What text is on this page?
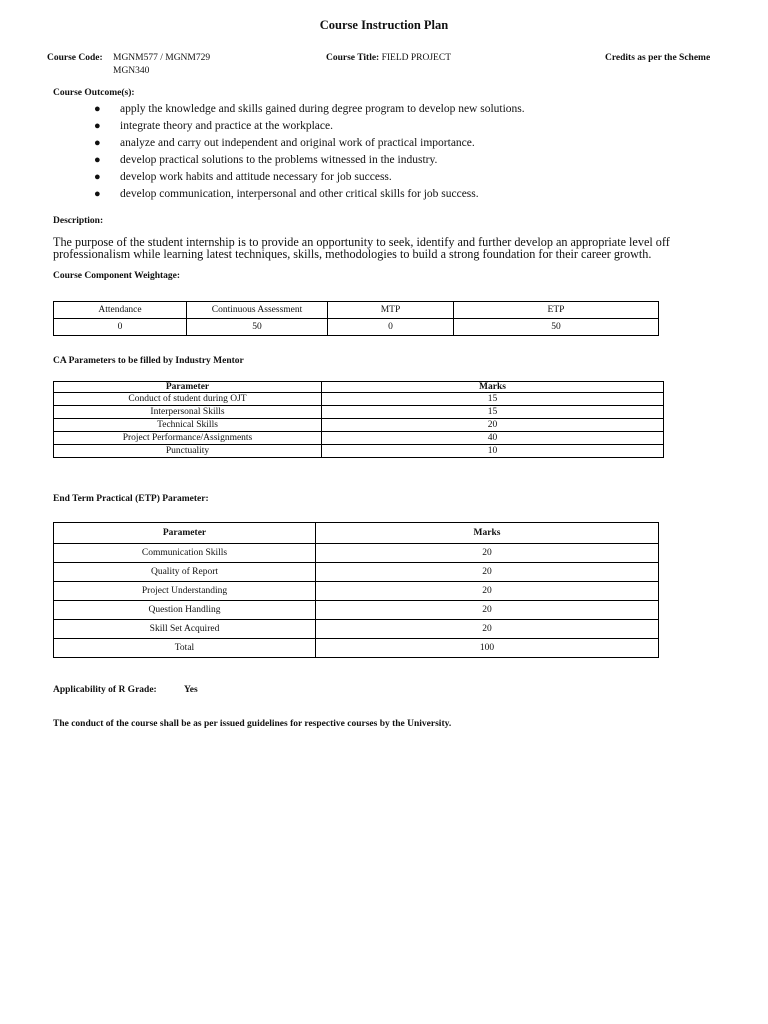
Course Instruction Plan
Course Code: MGNM577 / MGNM729
MGN340
Course Title: FIELD PROJECT	Credits as per the Scheme
Course Outcome(s):
● apply the knowledge and skills gained during degree program to develop new solutions.
● integrate theory and practice at the workplace.
● analyze and carry out independent and original work of practical importance.
● develop practical solutions to the problems witnessed in the industry.
● develop work habits and attitude necessary for job success.
● develop communication, interpersonal and other critical skills for job success.
Description:
The purpose of the student internship is to provide an opportunity to seek, identify and further develop an appropriate level off professionalism while learning latest techniques, skills, methodologies to build a strong foundation for their career growth.
Course Component Weightage:
Attendance	Continuous Assessment	MTP	ETP
0	50	0	50
CA Parameters to be filled by Industry Mentor
Parameter	Marks
Conduct of student during OJT	15
Interpersonal Skills	15
Technical Skills	20
Project Performance/Assignments	40
Punctuality	10
End Term Practical (ETP) Parameter:
Parameter	Marks
Communication Skills	20
Quality of Report	20
Project Understanding	20
Question Handling	20
Skill Set Acquired	20
Total	100
Applicability of R Grade:	Yes
The conduct of the course shall be as per issued guidelines for respective courses by the University.
